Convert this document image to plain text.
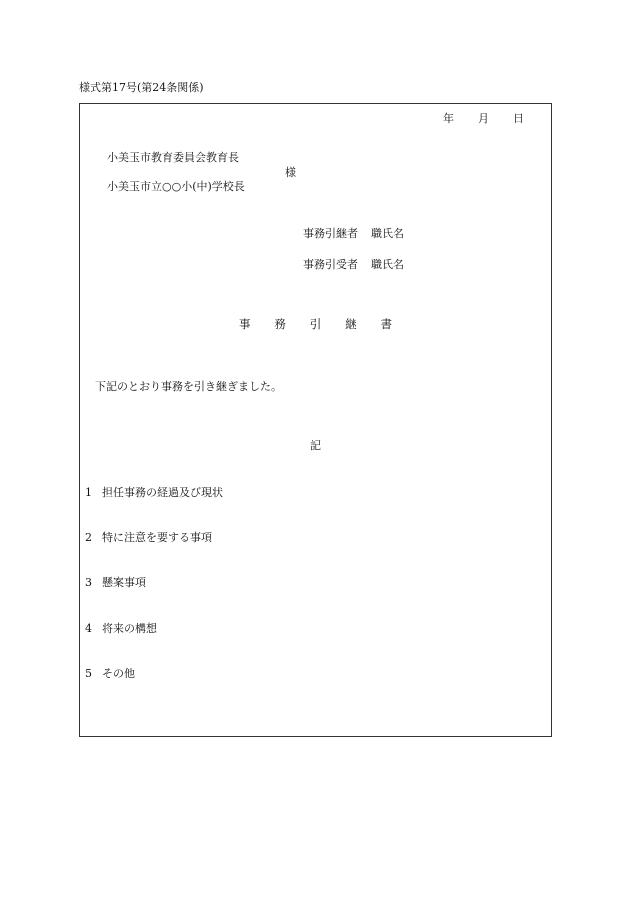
様式第17号(第24条関係)
年 月 日
小美玉市教育委員会教育長
様
小美玉市立○○小(中)学校長
事務引継者 職氏名
事務引受者 職氏名
事 務 引 継 書
下記のとおり事務を引き継ぎました。
記
1 担任事務の経過及び現状
2 特に注意を要する事項
3 懸案事項
4 将来の構想
5 その他
